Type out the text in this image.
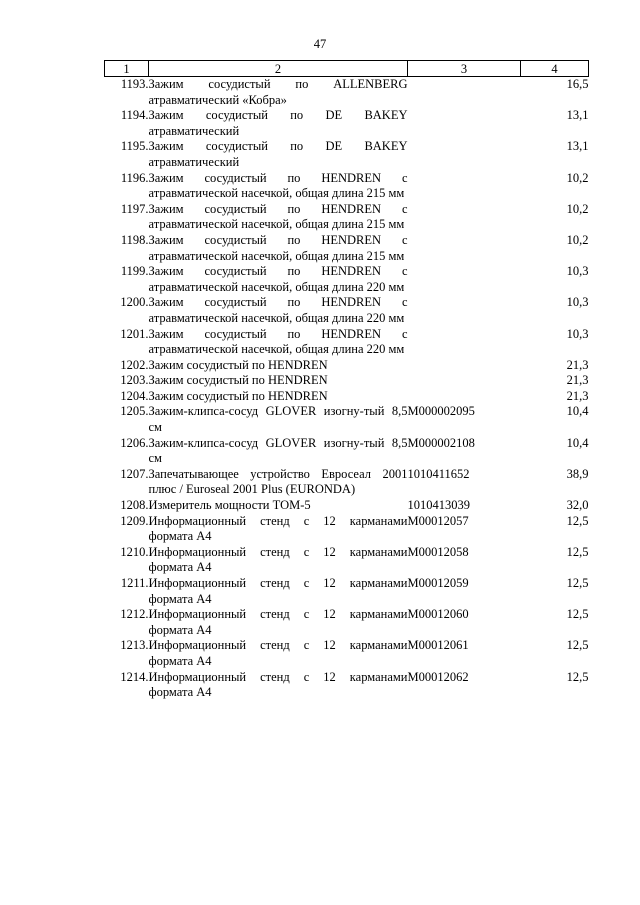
47
1	2	3	4
1193.	Зажим сосудистый по ALLENBERG атравматический «Кобра»		16,5
1194.	Зажим сосудистый по DE BAKEY атравматический		13,1
1195.	Зажим сосудистый по DE BAKEY атравматический		13,1
1196.	Зажим сосудистый по HENDREN с атравматической насечкой, общая длина 215 мм		10,2
1197.	Зажим сосудистый по HENDREN с атравматической насечкой, общая длина 215 мм		10,2
1198.	Зажим сосудистый по HENDREN с атравматической насечкой, общая длина 215 мм		10,2
1199.	Зажим сосудистый по HENDREN с атравматической насечкой, общая длина 220 мм		10,3
1200.	Зажим сосудистый по HENDREN с атравматической насечкой, общая длина 220 мм		10,3
1201.	Зажим сосудистый по HENDREN с атравматической насечкой, общая длина 220 мм		10,3
1202.	Зажим сосудистый по HENDREN		21,3
1203.	Зажим сосудистый по HENDREN		21,3
1204.	Зажим сосудистый по HENDREN		21,3
1205.	Зажим-клипса-сосуд GLOVER изогну-тый 8,5 см	М000002095	10,4
1206.	Зажим-клипса-сосуд GLOVER изогну-тый 8,5 см	М000002108	10,4
1207.	Запечатывающее устройство Евросеал 2001 плюс / Euroseal 2001 Plus (EURONDA)	1010411652	38,9
1208.	Измеритель мощности ТОМ-5	1010413039	32,0
1209.	Информационный стенд с 12 карманами формата А4	М00012057	12,5
1210.	Информационный стенд с 12 карманами формата А4	М00012058	12,5
1211.	Информационный стенд с 12 карманами формата А4	М00012059	12,5
1212.	Информационный стенд с 12 карманами формата А4	М00012060	12,5
1213.	Информационный стенд с 12 карманами формата А4	М00012061	12,5
1214.	Информационный стенд с 12 карманами формата А4	М00012062	12,5
